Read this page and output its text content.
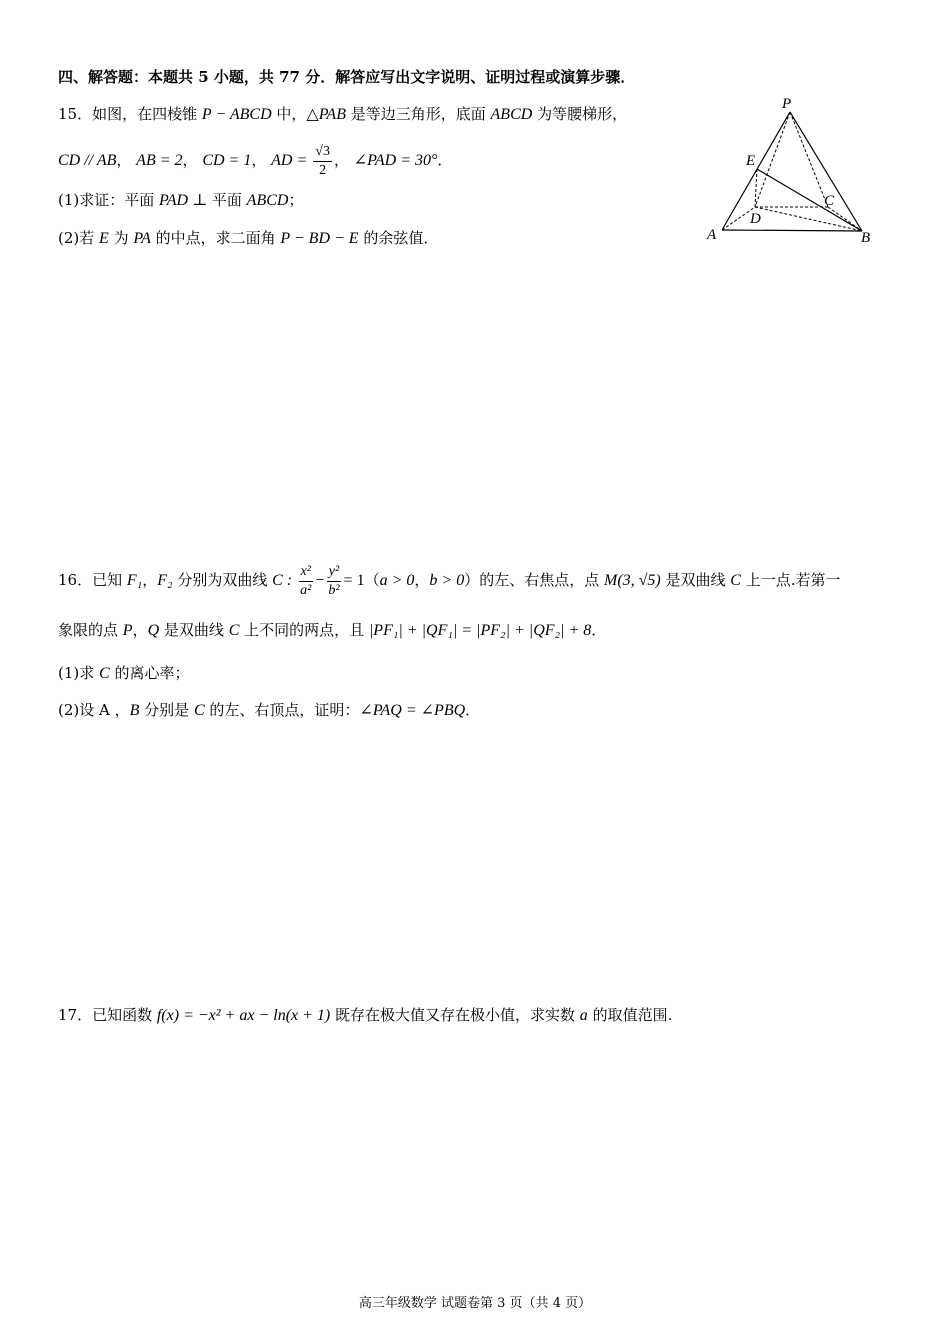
四、解答题：本题共 5 小题，共 77 分．解答应写出文字说明、证明过程或演算步骤．
15．如图，在四棱锥 P − ABCD 中，△PAB 是等边三角形，底面 ABCD 为等腰梯形，
CD // AB， AB = 2， CD = 1， AD = $\frac{√3}{2}$ ， ∠PAD = 30°．
(1)求证：平面 PAD ⊥ 平面 ABCD；
(2)若 E 为 PA 的中点，求二面角 P − BD − E 的余弦值．
P
E
C
D
A	B
16．已知 F₁，F₂ 分别为双曲线 C : $\frac{\text{x²}}{\text{a²}} - \frac{\text{y²}}{\text{b²}} = 1(a > 0$，b > 0）的左、右焦点，点 M(3, √5) 是双曲线 C 上一点.若第一
象限的点 P，Q 是双曲线 C 上不同的两点，且 |PF₁| + |QF₁| = |PF₂| + |QF₂| + 8．
(1)求 C 的离心率；
(2)设 A ，B 分别是 C 的左、右顶点，证明：∠PAQ = ∠PBQ．
17．已知函数 f(x) = −x² + ax − ln(x + 1) 既存在极大值又存在极小值，求实数 a 的取值范围.
高三年级数学 试题卷第 3 页（共 4 页）
